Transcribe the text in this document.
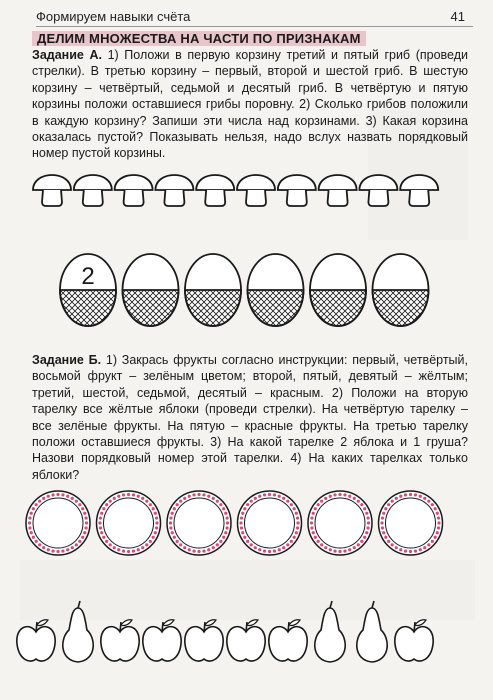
Формируем навыки счёта	41
ДЕЛИМ МНОЖЕСТВА НА ЧАСТИ ПО ПРИЗНАКАМ
Задание А. 1) Положи в первую корзину третий и пятый гриб (проведи стрелки). В третью корзину – первый, второй и шестой гриб. В шестую корзину – четвёртый, седьмой и десятый гриб. В четвёртую и пятую корзины положи оставшиеся грибы поровну. 2) Сколько грибов положили в каждую корзину? Запиши эти числа над корзинами. 3) Какая корзина оказалась пустой? Показывать нельзя, надо вслух назвать порядковый номер пустой корзины.
2
Задание Б. 1) Закрась фрукты согласно инструкции: первый, четвёртый, восьмой фрукт – зелёным цветом; второй, пятый, девятый – жёлтым; третий, шестой, седьмой, десятый – красным. 2) Положи на вторую тарелку все жёлтые яблоки (проведи стрелки). На четвёртую тарелку – все зелёные фрукты. На пятую – красные фрукты. На третью тарелку положи оставшиеся фрукты. 3) На какой тарелке 2 яблока и 1 груша? Назови порядковый номер этой тарелки. 4) На каких тарелках только яблоки?
